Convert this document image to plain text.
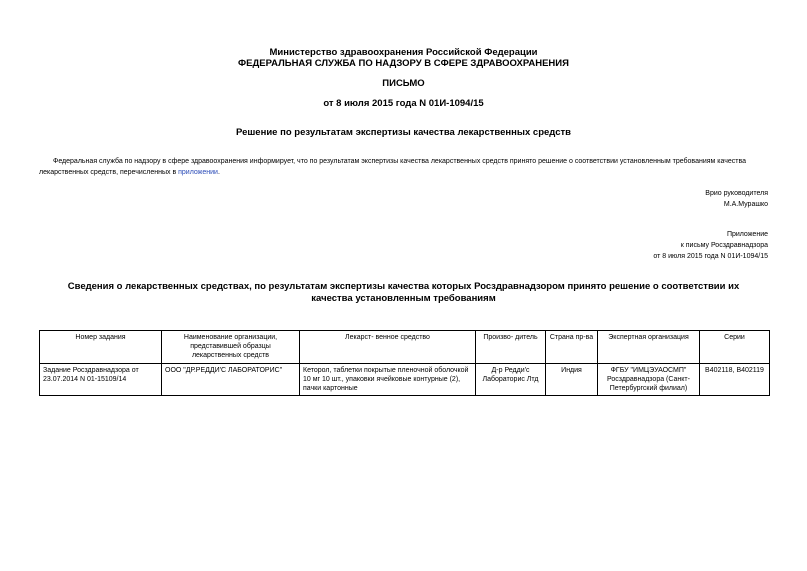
Министерство здравоохранения Российской Федерации
ФЕДЕРАЛЬНАЯ СЛУЖБА ПО НАДЗОРУ В СФЕРЕ ЗДРАВООХРАНЕНИЯ
ПИСЬМО
от 8 июля 2015 года N 01И-1094/15
Решение по результатам экспертизы качества лекарственных средств
Федеральная служба по надзору в сфере здравоохранения информирует, что по результатам экспертизы качества лекарственных средств принято решение о соответствии установленным требованиям качества лекарственных средств, перечисленных в приложении.
Врио руководителя
М.А.Мурашко
Приложение
к письму Росздравнадзора
от 8 июля 2015 года N 01И-1094/15
Сведения о лекарственных средствах, по результатам экспертизы качества которых Росздравнадзором принято решение о соответствии их качества установленным требованиям
Номер задания	Наименование организации, представившей образцы лекарственных средств	Лекарст- венное средство	Произво- дитель	Страна пр-ва	Экспертная организация	Серии
Задание Росздравнадзора от 23.07.2014 N 01-15109/14	ООО "ДР.РЕДДИ'С ЛАБОРАТОРИС"	Кеторол, таблетки покрытые пленочной оболочкой 10 мг 10 шт., упаковки ячейковые контурные (2), пачки картонные	Д-р Редди'с Лабораторис Лтд	Индия	ФГБУ "ИМЦЭУАОСМП" Росздравнадзора (Санкт-Петербургский филиал)	В402118, В402119
